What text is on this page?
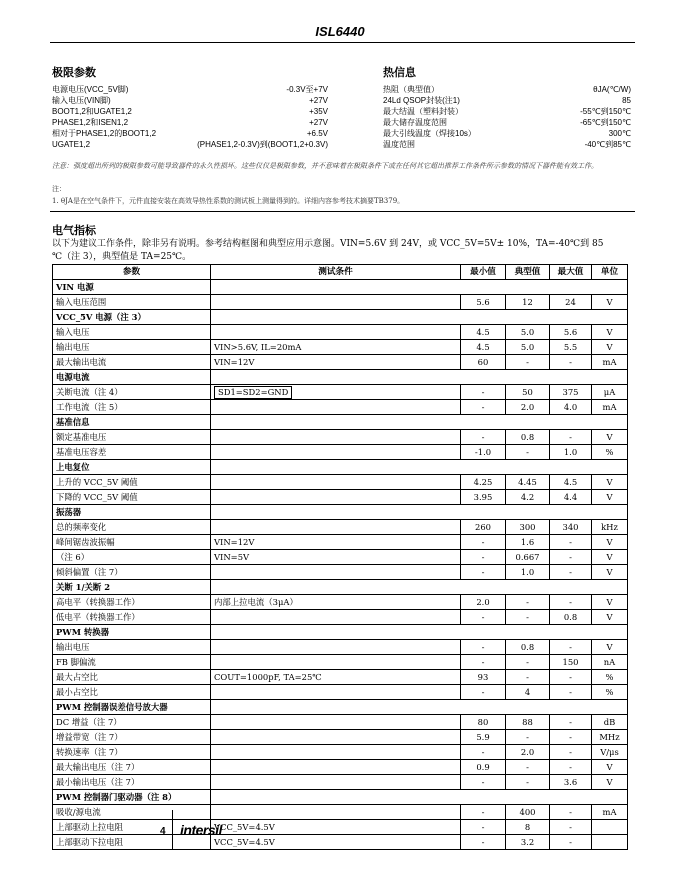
ISL6440
极限参数
电源电压(VCC_5V脚)	-0.3V至+7V
输入电压(VIN脚)	+27V
BOOT1,2和UGATE1,2	+35V
PHASE1,2和ISEN1,2	+27V
相对于PHASE1,2的BOOT1,2	+6.5V
UGATE1,2	(PHASE1,2-0.3V)到(BOOT1,2+0.3V)
热信息
热阻（典型值）	θJA(℃/W)
24Ld QSOP封装(注1)	85
最大结温（塑料封装）	-55℃到150℃
最大储存温度范围	-65℃到150℃
最大引线温度（焊接10s）	300℃
温度范围	-40℃到85℃
注意：强度超出所列的极限参数可能导致器件的永久性损坏。这些仅仅是极限参数，并不意味着在极限条件下或在任何其它超出推荐工作条件所示参数的情况下器件能有效工作。
注：
1. θJA是在空气条件下，元件直接安装在高效导热性系数的测试板上测量得到的。详细内容参考技术摘要TB379。
电气指标
以下为建议工作条件，除非另有说明。参考结构框图和典型应用示意图。VIN=5.6V 到 24V，或 VCC_5V=5V± 10%，TA=-40℃到 85
℃（注 3），典型值是 TA=25℃。
参数	测试条件	最小值	典型值	最大值	单位
VIN 电源					
输入电压范围		5.6	12	24	V
VCC_5V 电源（注 3）					
输入电压		4.5	5.0	5.6	V
输出电压	VIN>5.6V, IL=20mA	4.5	5.0	5.5	V
最大输出电流	VIN=12V	60	-	-	mA
电源电流					
关断电流（注 4）	SD1=SD2=GND	-	50	375	μA
工作电流（注 5）		-	2.0	4.0	mA
基准信息					
额定基准电压		-	0.8	-	V
基准电压容差		-1.0	-	1.0	%
上电复位					
上升的 VCC_5V 阈值		4.25	4.45	4.5	V
下降的 VCC_5V 阈值		3.95	4.2	4.4	V
振荡器					
总的频率变化		260	300	340	kHz
峰间锯齿波振幅	VIN=12V	-	1.6	-	V
（注 6）	VIN=5V	-	0.667	-	V
倾斜偏置（注 7）		-	1.0	-	V
关断 1/关断 2					
高电平（转换器工作）	内部上拉电流（3μA）	2.0	-	-	V
低电平（转换器工作）		-	-	0.8	V
PWM 转换器					
输出电压		-	0.8	-	V
FB 脚偏流		-	-	150	nA
最大占空比	COUT=1000pF, TA=25℃	93	-	-	%
最小占空比		-	4	-	%
PWM 控制器误差信号放大器					
DC 增益（注 7）		80	88	-	dB
增益带宽（注 7）		5.9	-	-	MHz
转换速率（注 7）		-	2.0	-	V/μs
最大输出电压（注 7）		0.9	-	-	V
最小输出电压（注 7）		-	-	3.6	V
PWM 控制器门驱动器（注 8）					
吸收/源电流		-	400	-	mA
上部驱动上拉电阻	VCC_5V=4.5V	-	8	-	
上部驱动下拉电阻	VCC_5V=4.5V	-	3.2	-	
4 intersil
